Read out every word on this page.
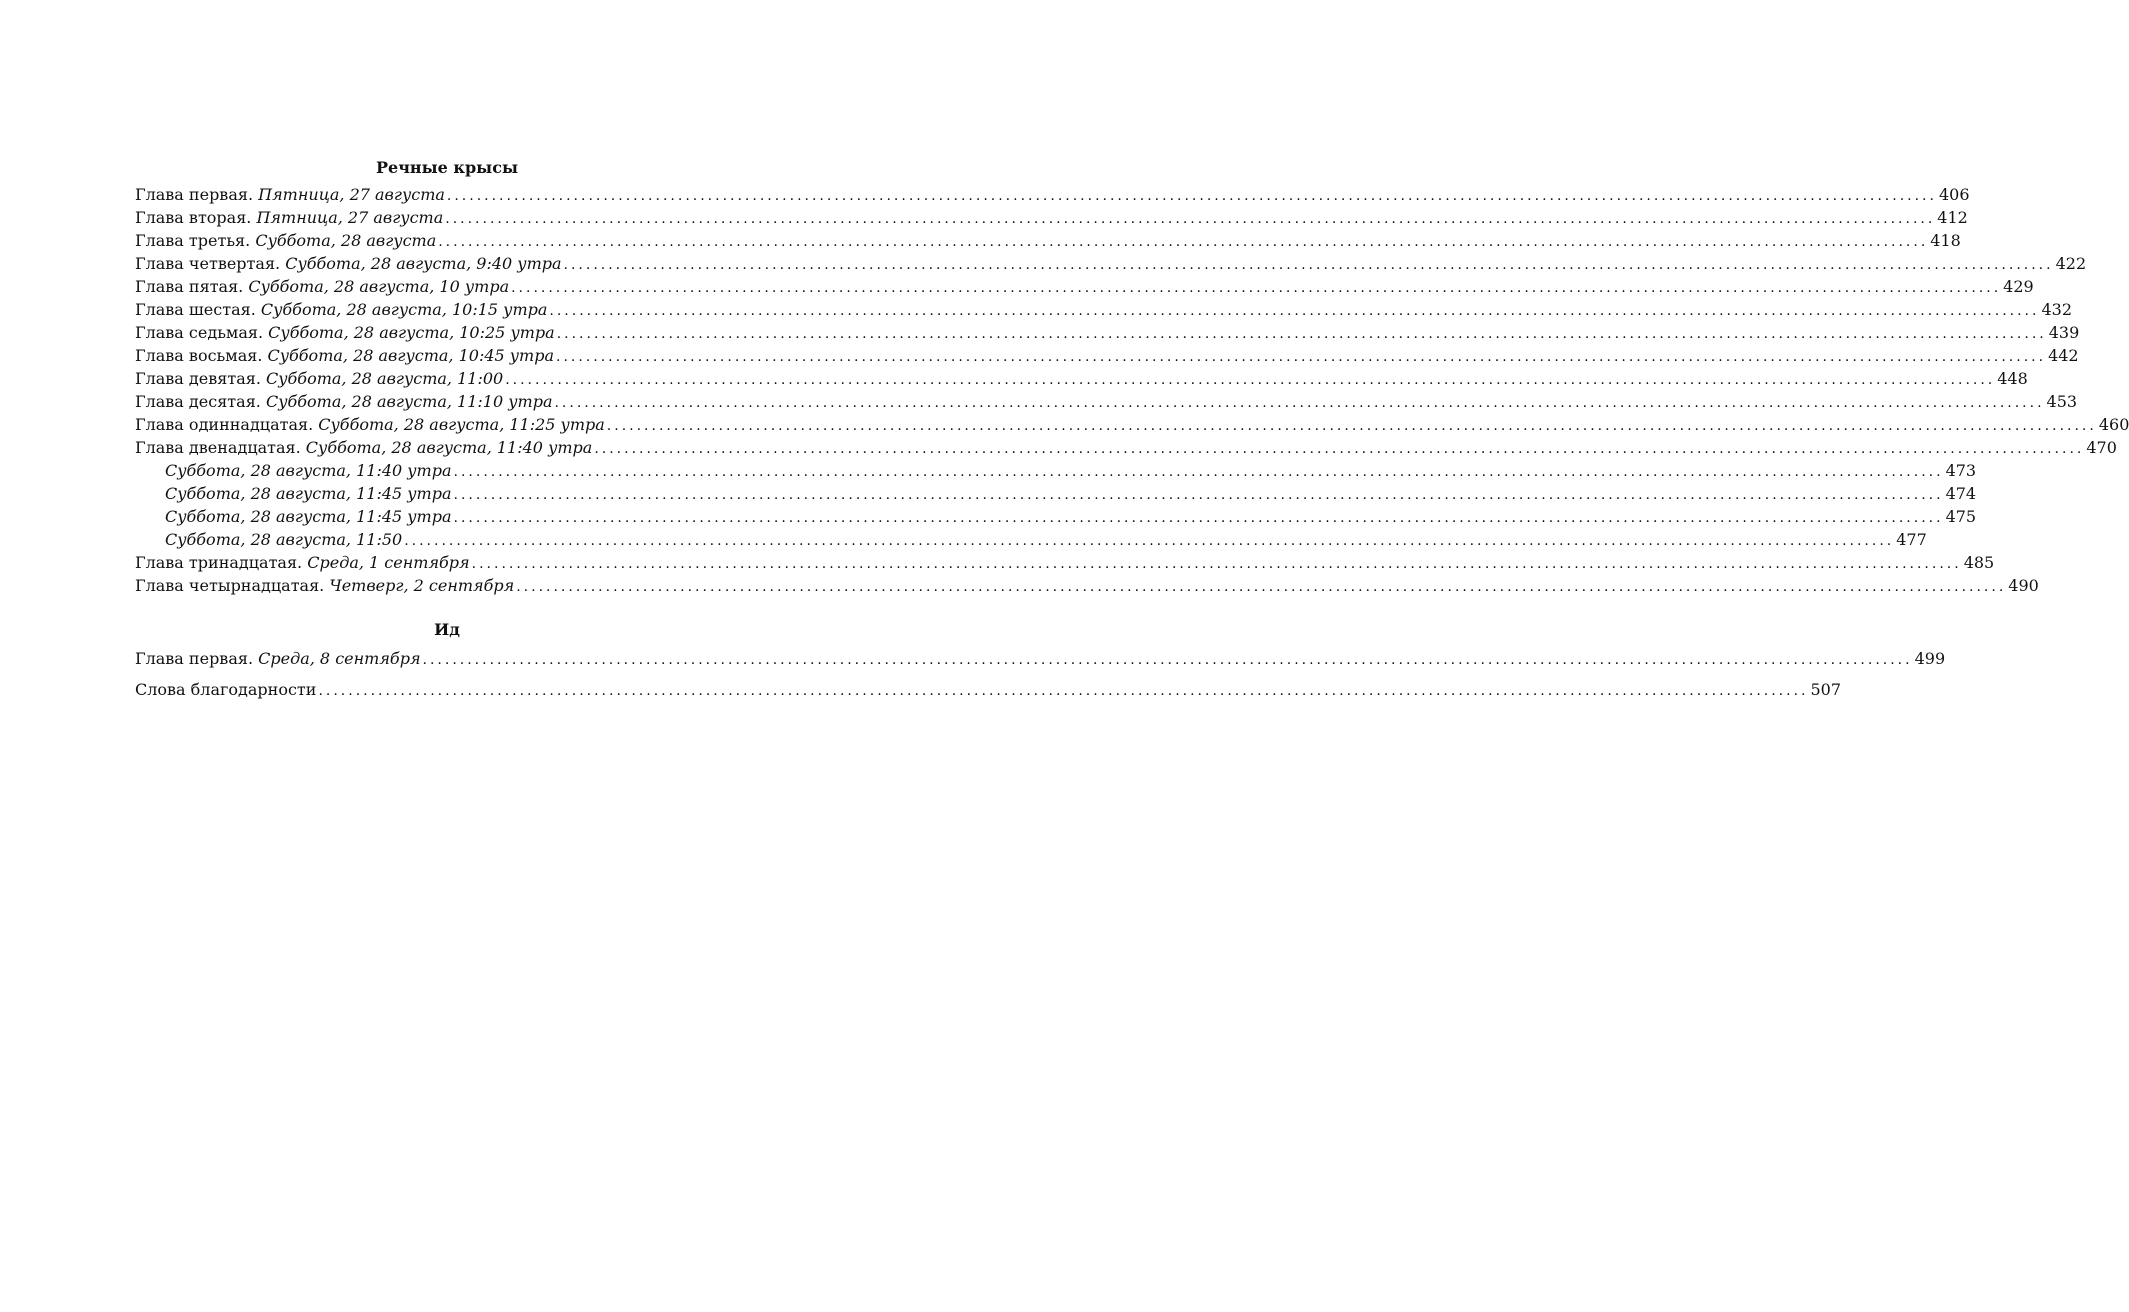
Речные крысы
Глава первая. Пятница, 27 августа ........................................................................................................................................................................................................ 406
Глава вторая. Пятница, 27 августа ........................................................................................................................................................................................................ 412
Глава третья. Суббота, 28 августа ........................................................................................................................................................................................................ 418
Глава четвертая. Суббота, 28 августа, 9:40 утра ........................................................................................................................................................................................................ 422
Глава пятая. Суббота, 28 августа, 10 утра ........................................................................................................................................................................................................ 429
Глава шестая. Суббота, 28 августа, 10:15 утра ........................................................................................................................................................................................................ 432
Глава седьмая. Суббота, 28 августа, 10:25 утра ........................................................................................................................................................................................................ 439
Глава восьмая. Суббота, 28 августа, 10:45 утра ........................................................................................................................................................................................................ 442
Глава девятая. Суббота, 28 августа, 11:00 ........................................................................................................................................................................................................ 448
Глава десятая. Суббота, 28 августа, 11:10 утра ........................................................................................................................................................................................................ 453
Глава одиннадцатая. Суббота, 28 августа, 11:25 утра ........................................................................................................................................................................................................ 460
Глава двенадцатая. Суббота, 28 августа, 11:40 утра ........................................................................................................................................................................................................ 470
Суббота, 28 августа, 11:40 утра ........................................................................................................................................................................................................ 473
Суббота, 28 августа, 11:45 утра ........................................................................................................................................................................................................ 474
Суббота, 28 августа, 11:45 утра ........................................................................................................................................................................................................ 475
Суббота, 28 августа, 11:50 ........................................................................................................................................................................................................ 477
Глава тринадцатая. Среда, 1 сентября ........................................................................................................................................................................................................ 485
Глава четырнадцатая. Четверг, 2 сентября ........................................................................................................................................................................................................ 490
Ид
Глава первая. Среда, 8 сентября ........................................................................................................................................................................................................ 499
Слова благодарности ........................................................................................................................................................................................................ 507
